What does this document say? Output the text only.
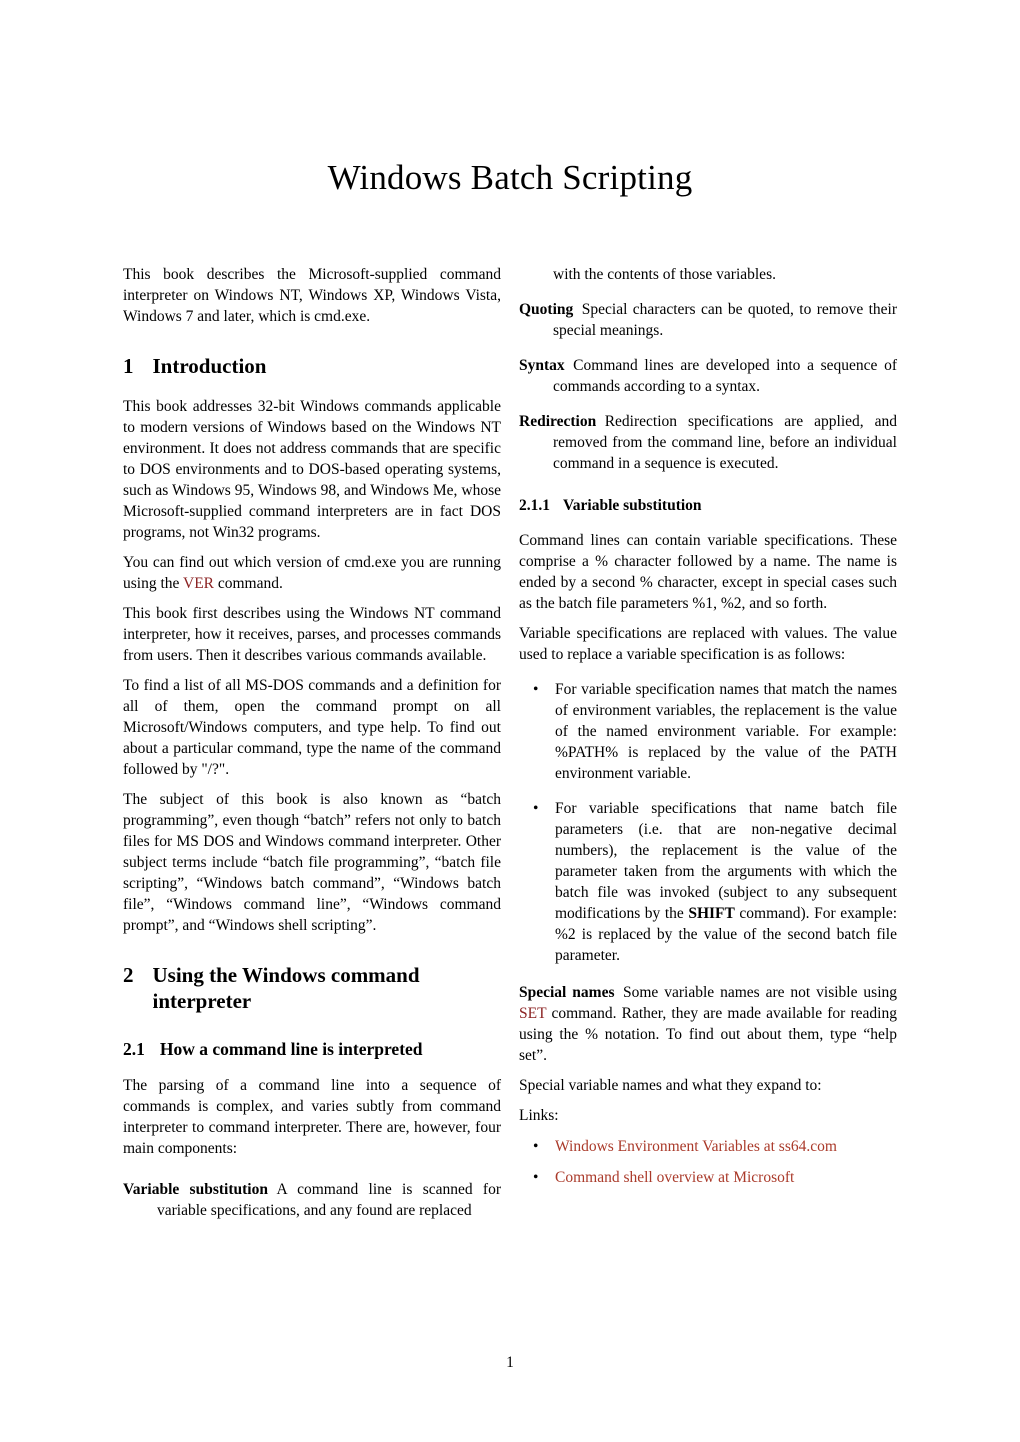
Windows Batch Scripting

This book describes the Microsoft-supplied command interpreter on Windows NT, Windows XP, Windows Vista, Windows 7 and later, which is cmd.exe.

1 Introduction

This book addresses 32-bit Windows commands applicable to modern versions of Windows based on the Windows NT environment. It does not address commands that are specific to DOS environments and to DOS-based operating systems, such as Windows 95, Windows 98, and Windows Me, whose Microsoft-supplied command interpreters are in fact DOS programs, not Win32 programs.

You can find out which version of cmd.exe you are running using the VER command.

This book first describes using the Windows NT command interpreter, how it receives, parses, and processes commands from users. Then it describes various commands available.

To find a list of all MS-DOS commands and a definition for all of them, open the command prompt on all Microsoft/Windows computers, and type help. To find out about a particular command, type the name of the command followed by "/?".

The subject of this book is also known as “batch programming”, even though “batch” refers not only to batch files for MS DOS and Windows command interpreter. Other subject terms include “batch file programming”, “batch file scripting”, “Windows batch command”, “Windows batch file”, “Windows command line”, “Windows command prompt”, and “Windows shell scripting”.

2 Using the Windows command interpreter
2.1 How a command line is interpreted

The parsing of a command line into a sequence of commands is complex, and varies subtly from command interpreter to command interpreter. There are, however, four main components:

Variable substitution A command line is scanned for variable specifications, and any found are replaced

with the contents of those variables.

Quoting Special characters can be quoted, to remove their special meanings.

Syntax Command lines are developed into a sequence of commands according to a syntax.

Redirection Redirection specifications are applied, and removed from the command line, before an individual command in a sequence is executed.

2.1.1 Variable substitution

Command lines can contain variable specifications. These comprise a % character followed by a name. The name is ended by a second % character, except in special cases such as the batch file parameters %1, %2, and so forth.

Variable specifications are replaced with values. The value used to replace a variable specification is as follows:

•	For variable specification names that match the names of environment variables, the replacement is the value of the named environment variable. For example: %PATH% is replaced by the value of the PATH environment variable.
•	For variable specifications that name batch file parameters (i.e. that are non-negative decimal numbers), the replacement is the value of the parameter taken from the arguments with which the batch file was invoked (subject to any subsequent modifications by the SHIFT command). For example: %2 is replaced by the value of the second batch file parameter.

Special names Some variable names are not visible using SET command. Rather, they are made available for reading using the % notation. To find out about them, type “help set”.

Special variable names and what they expand to:

Links:

•	Windows Environment Variables at ss64.com
•	Command shell overview at Microsoft
1
